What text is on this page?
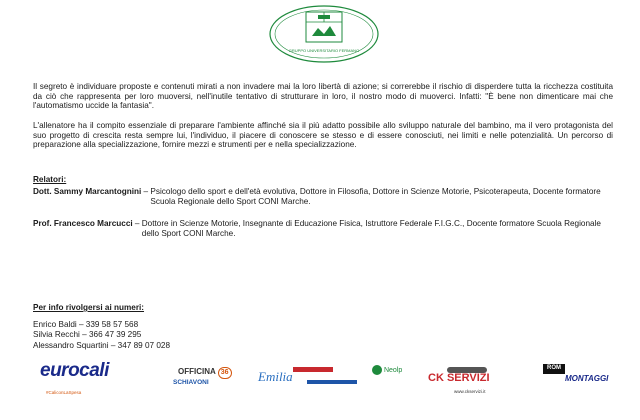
GRUPPO UNIVERSITARIO FERMANO

Il segreto è individuare proposte e contenuti mirati a non invadere mai la loro libertà di azione; si correrebbe il rischio di disperdere tutta la ricchezza costituita da ciò che rappresenta per loro muoversi, nell'inutile tentativo di strutturare in loro, il nostro modo di muoverci. Infatti: "È bene non dimenticare mai che l'automatismo uccide la fantasia".

L'allenatore ha il compito essenziale di preparare l'ambiente affinché sia il più adatto possibile allo sviluppo naturale del bambino, ma il vero protagonista del suo progetto di crescita resta sempre lui, l'individuo, il piacere di conoscere se stesso e di essere conosciuti, nei limiti e nelle potenzialità. Un percorso di preparazione alla specializzazione, fornire mezzi e strumenti per e nella specializzazione.

Relatori:
Dott. Sammy Marcantognini – Psicologo dello sport e dell'età evolutiva, Dottore in Filosofia, Dottore in Scienze Motorie, Psicoterapeuta, Docente formatore Scuola Regionale dello Sport CONI Marche.
Prof. Francesco Marcucci – Dottore in Scienze Motorie, Insegnante di Educazione Fisica, Istruttore Federale F.I.G.C., Docente formatore Scuola Regionale dello Sport CONI Marche.
Per info rivolgersi ai numeri:
Enrico Baldi – 339 58 57 568
Silvia Recchi – 366 47 39 295
Alessandro Squartini – 347 89 07 028
eurocali
#CaliconLaSpesa
OFFICINA 36
SCHIAVONI	Emilia	Neolp
CK SERVIZI
www.ckservizi.it
ROM
MONTAGGI
